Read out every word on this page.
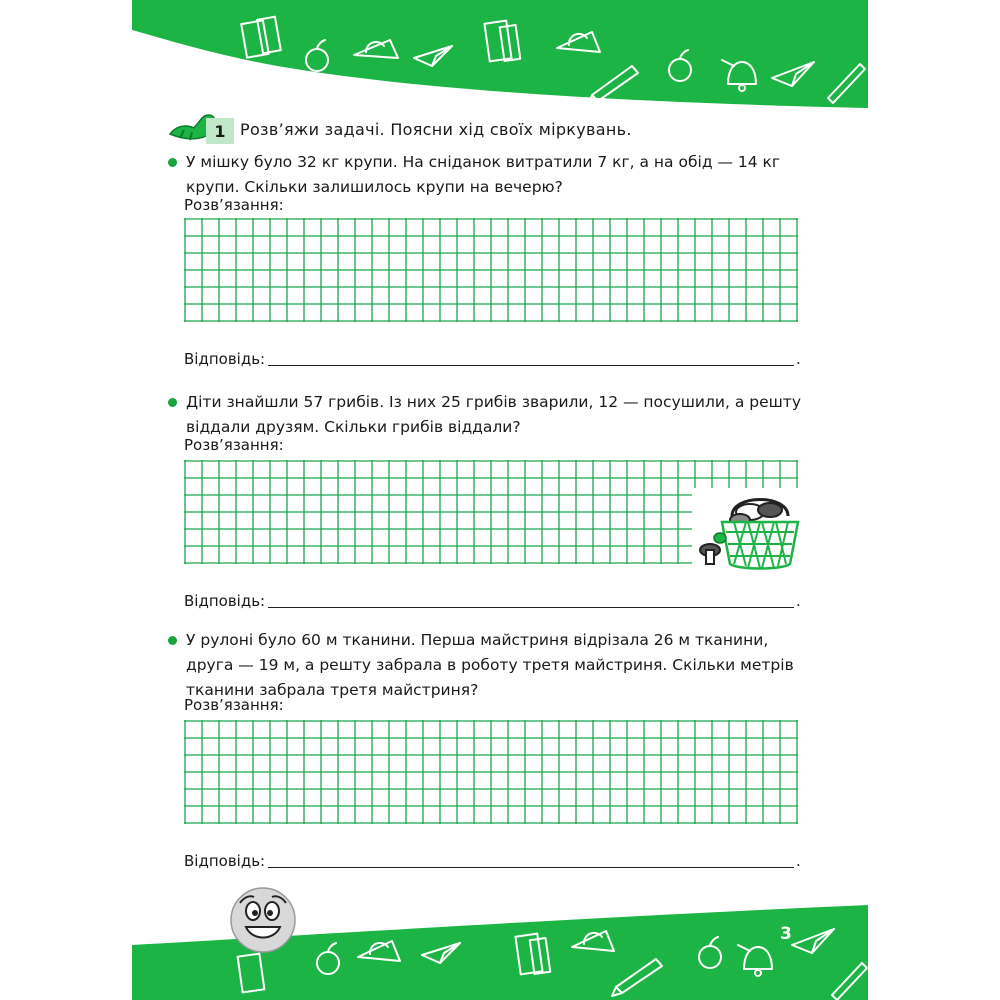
1 Розв’яжи задачі. Поясни хід своїх міркувань.
У мішку було 32 кг крупи. На сніданок витратили 7 кг, а на обід — 14 кг
крупи. Скільки залишилось крупи на вечерю?
Розв’язання:
Відповідь:	.
Діти знайшли 57 грибів. Із них 25 грибів зварили, 12 — посушили, а решту
віддали друзям. Скільки грибів віддали?
Розв’язання:
Відповідь:	.
У рулоні було 60 м тканини. Перша майстриня відрізала 26 м тканини,
друга — 19 м, а решту забрала в роботу третя майстриня. Скільки метрів
тканини забрала третя майстриня?
Розв’язання:
Відповідь:	.
3
